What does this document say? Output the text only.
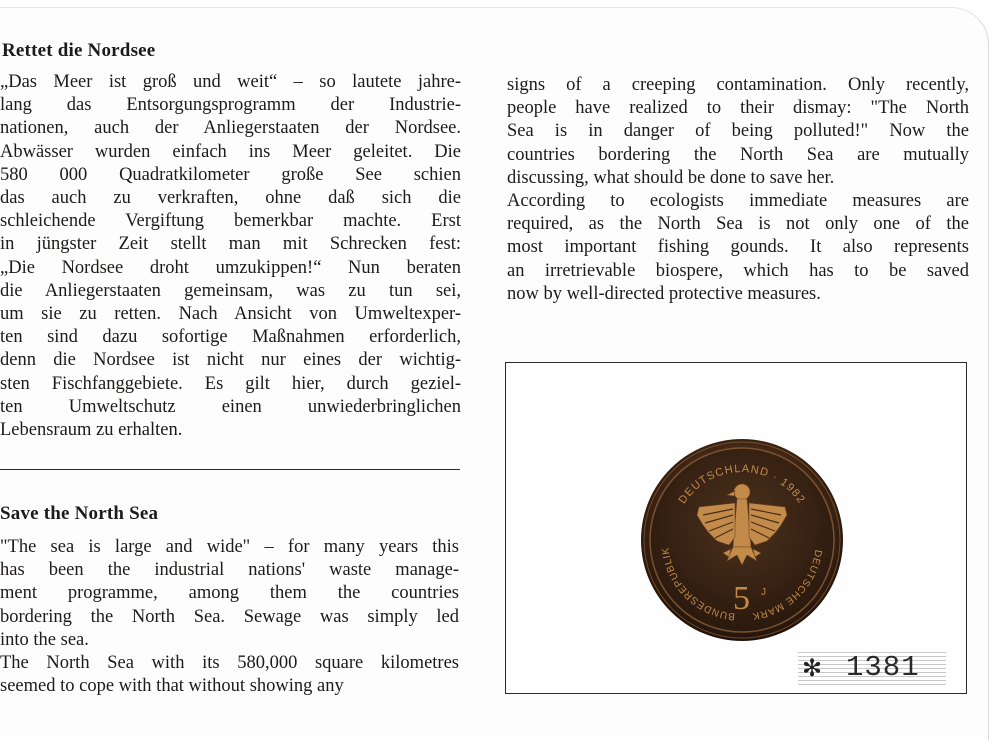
Rettet die Nordsee
„Das Meer ist groß und weit“ – so lautete jahre-
lang das Entsorgungsprogramm der Industrie-
nationen, auch der Anliegerstaaten der Nordsee.
Abwässer wurden einfach ins Meer geleitet. Die
580 000 Quadratkilometer große See schien
das auch zu verkraften, ohne daß sich die
schleichende Vergiftung bemerkbar machte. Erst
in jüngster Zeit stellt man mit Schrecken fest:
„Die Nordsee droht umzukippen!“ Nun beraten
die Anliegerstaaten gemeinsam, was zu tun sei,
um sie zu retten. Nach Ansicht von Umweltexper-
ten sind dazu sofortige Maßnahmen erforderlich,
denn die Nordsee ist nicht nur eines der wichtig-
sten Fischfanggebiete. Es gilt hier, durch geziel-
ten Umweltschutz einen unwiederbringlichen
Lebensraum zu erhalten.
Save the North Sea
"The sea is large and wide" – for many years this
has been the industrial nations' waste manage-
ment programme, among them the countries
bordering the North Sea. Sewage was simply led
into the sea.
The North Sea with its 580,000 square kilometres
seemed to cope with that without showing any
signs of a creeping contamination. Only recently,
people have realized to their dismay: "The North
Sea is in danger of being polluted!" Now the
countries bordering the North Sea are mutually
discussing, what should be done to save her.
According to ecologists immediate measures are
required, as the North Sea is not only one of the
most important fishing gounds. It also represents
an irretrievable biospere, which has to be saved
now by well-directed protective measures.
5 J
DEUTSCHLAND · 1982
BUNDESREPUBLIK	DEUTSCHE MARK
✻ 1381
